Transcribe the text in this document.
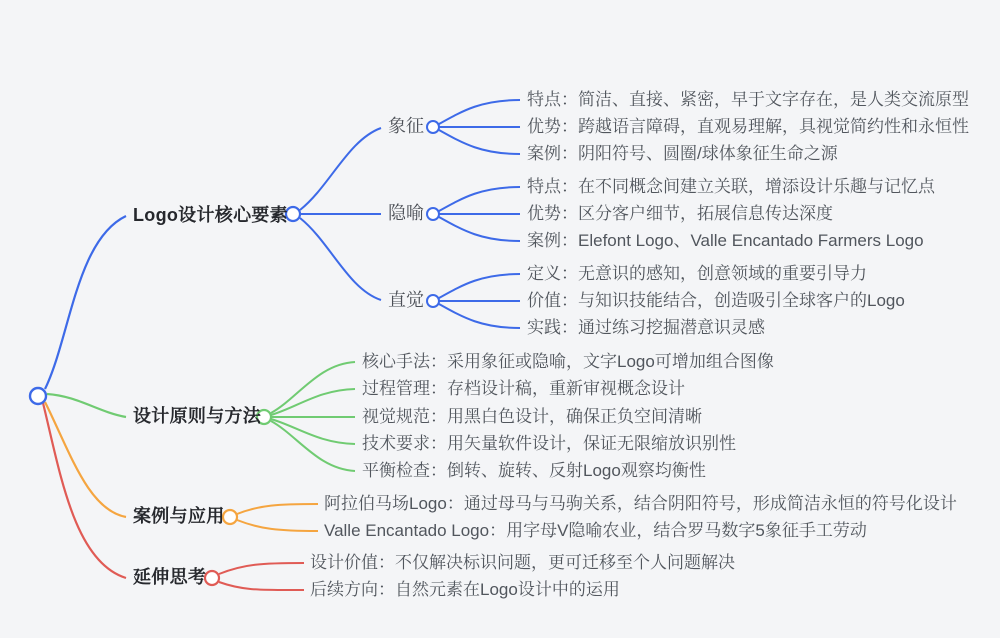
Logo设计核心要素
象征
特点：简洁、直接、紧密，早于文字存在，是人类交流原型
优势：跨越语言障碍，直观易理解，具视觉简约性和永恒性
案例：阴阳符号、圆圈/球体象征生命之源
隐喻
特点：在不同概念间建立关联，增添设计乐趣与记忆点
优势：区分客户细节，拓展信息传达深度
案例：Elefont Logo、Valle Encantado Farmers Logo
直觉
定义：无意识的感知，创意领域的重要引导力
价值：与知识技能结合，创造吸引全球客户的Logo
实践：通过练习挖掘潜意识灵感
设计原则与方法
核心手法：采用象征或隐喻，文字Logo可增加组合图像
过程管理：存档设计稿，重新审视概念设计
视觉规范：用黑白色设计，确保正负空间清晰
技术要求：用矢量软件设计，保证无限缩放识别性
平衡检查：倒转、旋转、反射Logo观察均衡性
案例与应用
阿拉伯马场Logo：通过母马与马驹关系，结合阴阳符号，形成简洁永恒的符号化设计
Valle Encantado Logo：用字母V隐喻农业，结合罗马数字5象征手工劳动
延伸思考
设计价值：不仅解决标识问题，更可迁移至个人问题解决
后续方向：自然元素在Logo设计中的运用
